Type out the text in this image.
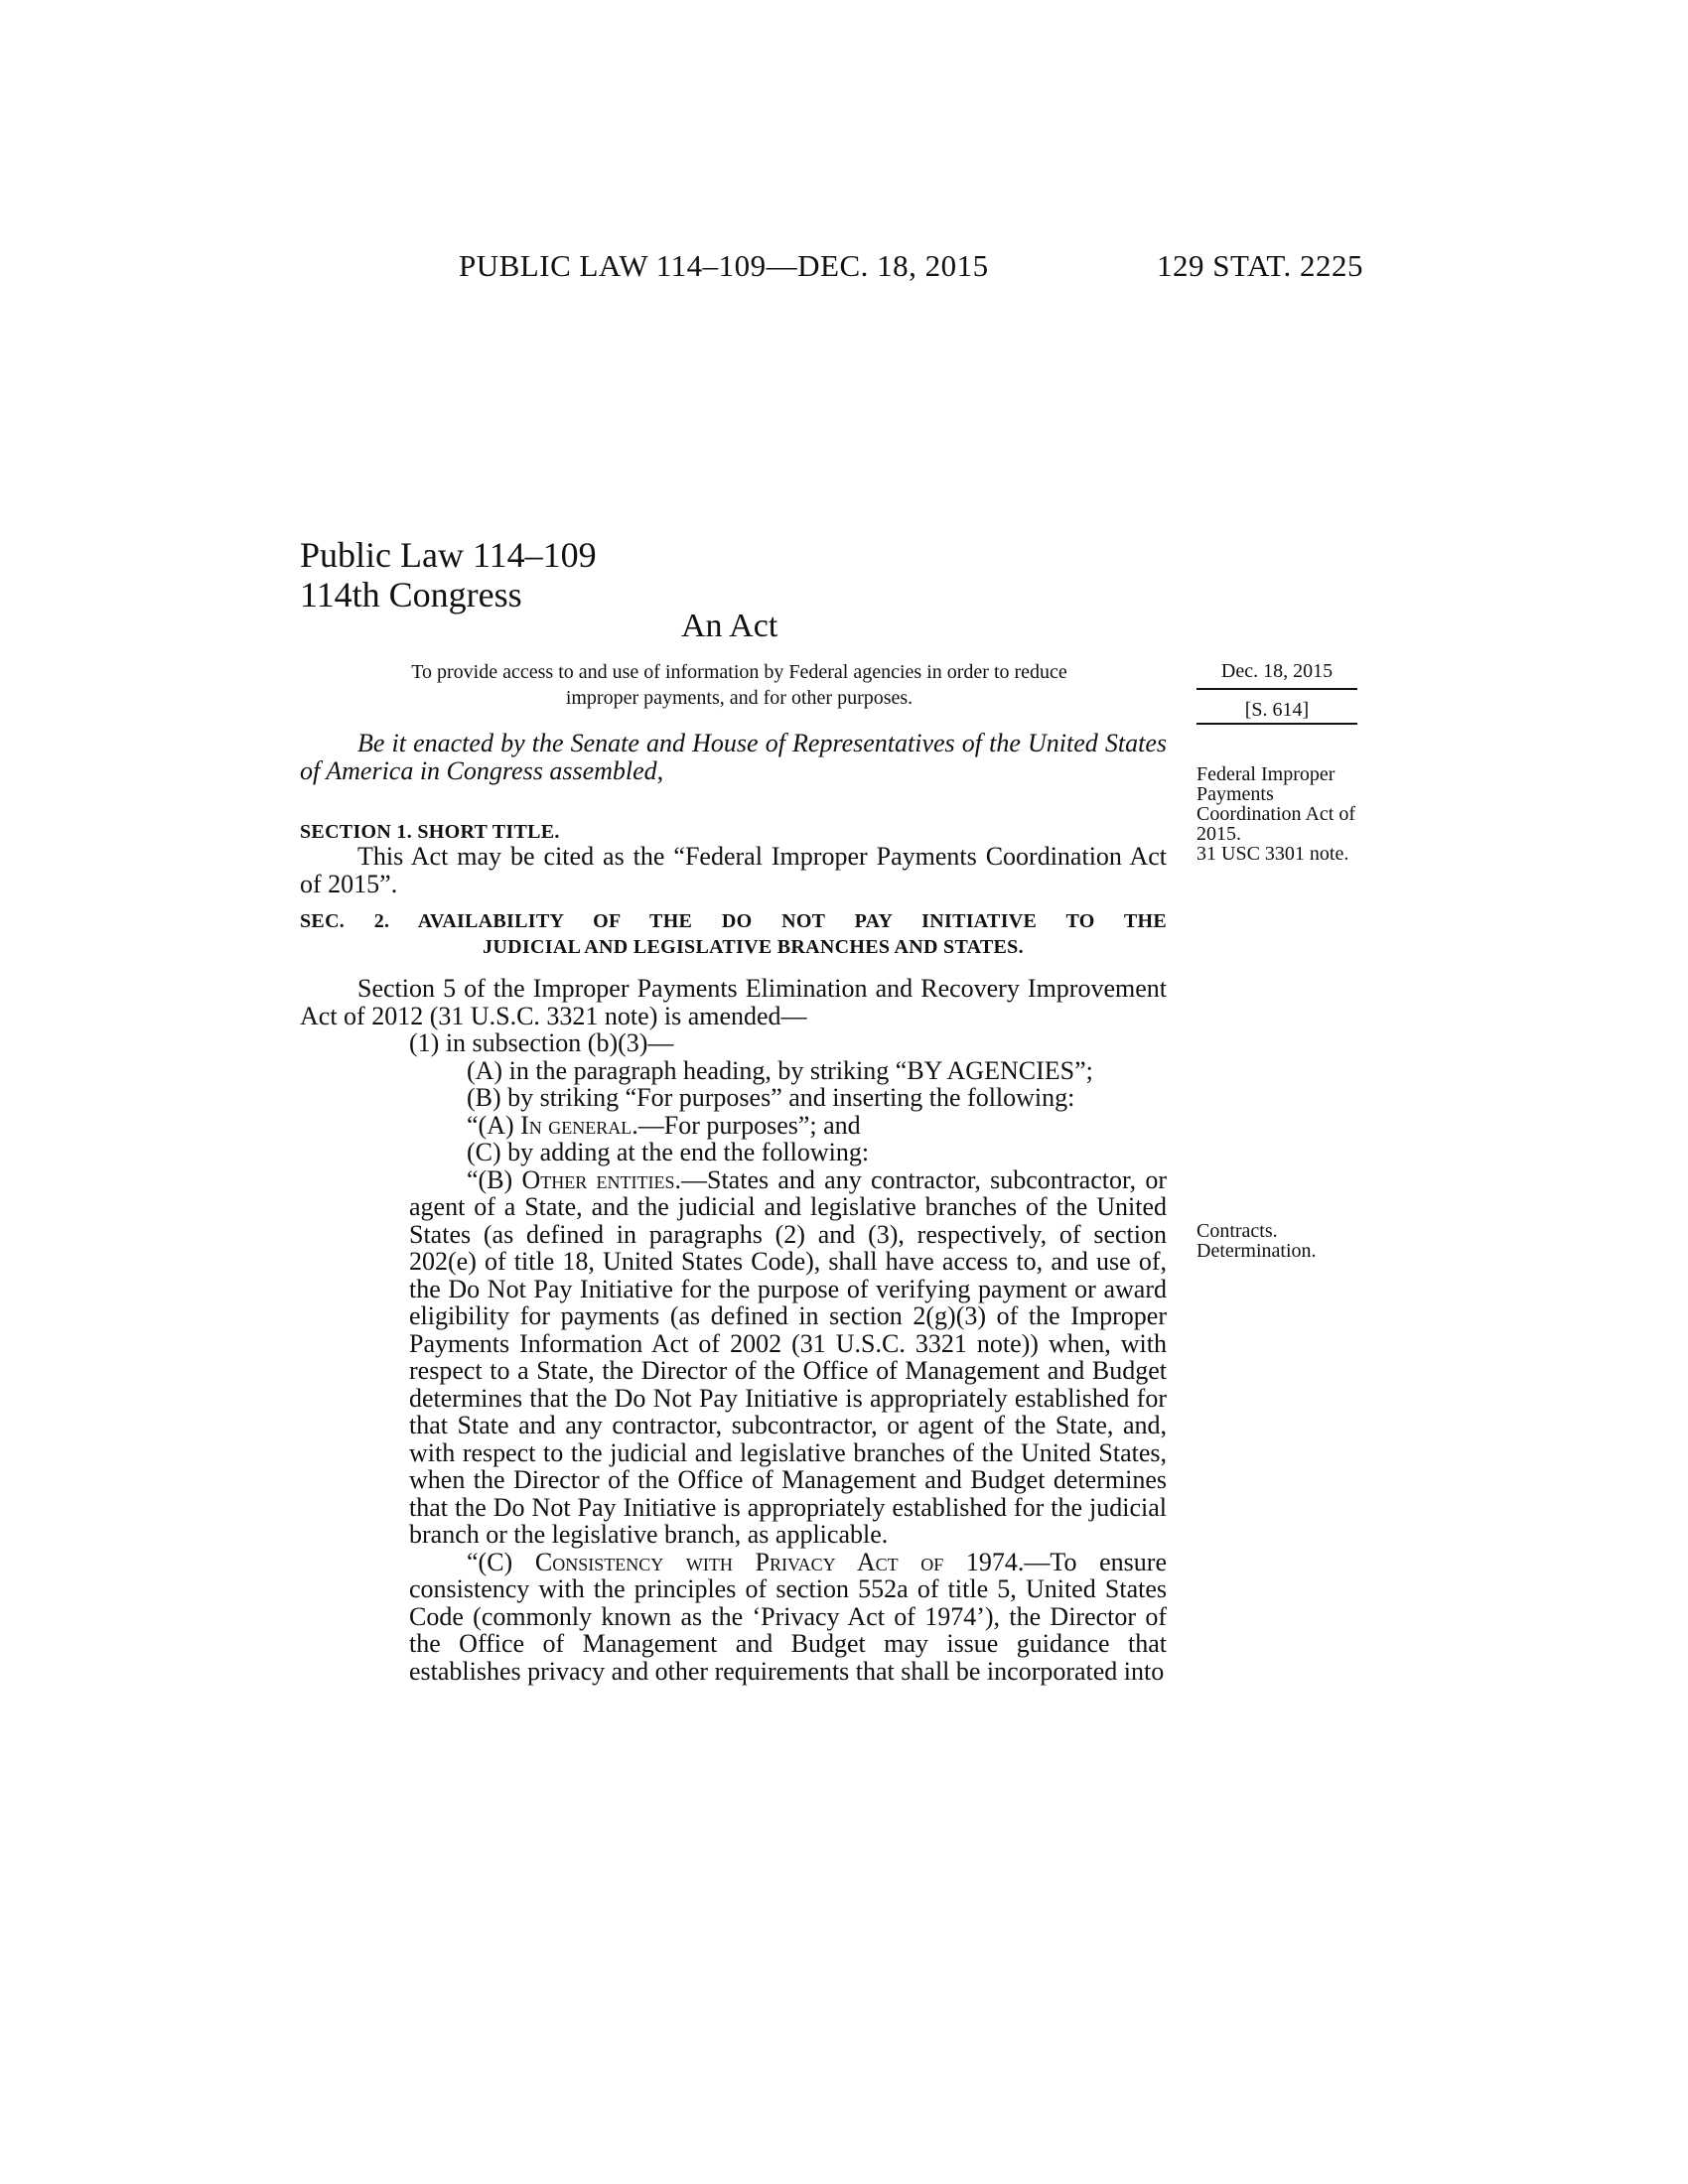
PUBLIC LAW 114–109—DEC. 18, 2015	129 STAT. 2225
Public Law 114–109
114th Congress
An Act
To provide access to and use of information by Federal agencies in order to reduce
improper payments, and for other purposes.
Dec. 18, 2015
[S. 614]
Federal Improper Payments Coordination Act of 2015.
31 USC 3301 note.
Contracts. Determination.
Be it enacted by the Senate and House of Representatives of the United States of America in Congress assembled,
SECTION 1. SHORT TITLE.
This Act may be cited as the “Federal Improper Payments Coordination Act of 2015”.
SEC. 2. AVAILABILITY OF THE DO NOT PAY INITIATIVE TO THE
JUDICIAL AND LEGISLATIVE BRANCHES AND STATES.

Section 5 of the Improper Payments Elimination and Recovery Improvement Act of 2012 (31 U.S.C. 3321 note) is amended—

(1) in subsection (b)(3)—

(A) in the paragraph heading, by striking “BY AGENCIES”;

(B) by striking “For purposes” and inserting the following:

“(A) In general.—For purposes”; and

(C) by adding at the end the following:

“(B) Other entities.—States and any contractor, subcontractor, or agent of a State, and the judicial and legislative branches of the United States (as defined in paragraphs (2) and (3), respectively, of section 202(e) of title 18, United States Code), shall have access to, and use of, the Do Not Pay Initiative for the purpose of verifying payment or award eligibility for payments (as defined in section 2(g)(3) of the Improper Payments Information Act of 2002 (31 U.S.C. 3321 note)) when, with respect to a State, the Director of the Office of Management and Budget determines that the Do Not Pay Initiative is appropriately established for that State and any contractor, subcontractor, or agent of the State, and, with respect to the judicial and legislative branches of the United States, when the Director of the Office of Management and Budget determines that the Do Not Pay Initiative is appropriately established for the judicial branch or the legislative branch, as applicable.

“(C) Consistency with Privacy Act of 1974.—To ensure consistency with the principles of section 552a of title 5, United States Code (commonly known as the ‘Privacy Act of 1974’), the Director of the Office of Management and Budget may issue guidance that establishes privacy and other requirements that shall be incorporated into
